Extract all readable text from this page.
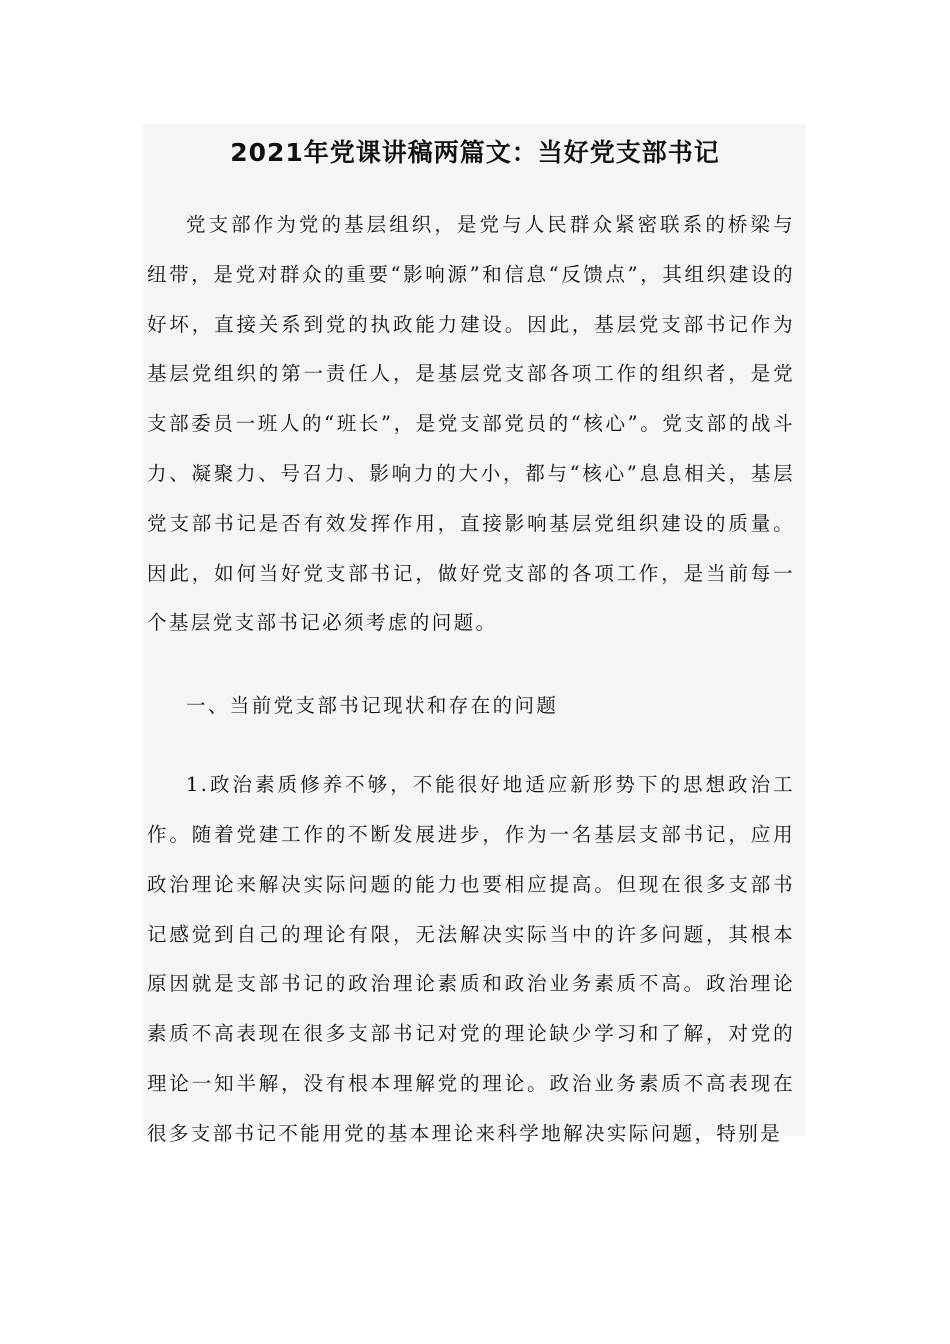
2021年党课讲稿两篇文：当好党支部书记

党支部作为党的基层组织，是党与人民群众紧密联系的桥梁与纽带，是党对群众的重要“影响源”和信息“反馈点”，其组织建设的好坏，直接关系到党的执政能力建设。因此，基层党支部书记作为基层党组织的第一责任人，是基层党支部各项工作的组织者，是党支部委员一班人的“班长”，是党支部党员的“核心”。党支部的战斗力、凝聚力、号召力、影响力的大小，都与“核心”息息相关，基层党支部书记是否有效发挥作用，直接影响基层党组织建设的质量。因此，如何当好党支部书记，做好党支部的各项工作，是当前每一个基层党支部书记必须考虑的问题。

一、当前党支部书记现状和存在的问题

1.政治素质修养不够，不能很好地适应新形势下的思想政治工作。随着党建工作的不断发展进步，作为一名基层支部书记，应用政治理论来解决实际问题的能力也要相应提高。但现在很多支部书记感觉到自己的理论有限，无法解决实际当中的许多问题，其根本原因就是支部书记的政治理论素质和政治业务素质不高。政治理论素质不高表现在很多支部书记对党的理论缺少学习和了解，对党的理论一知半解，没有根本理解党的理论。政治业务素质不高表现在很多支部书记不能用党的基本理论来科学地解决实际问题，特别是
